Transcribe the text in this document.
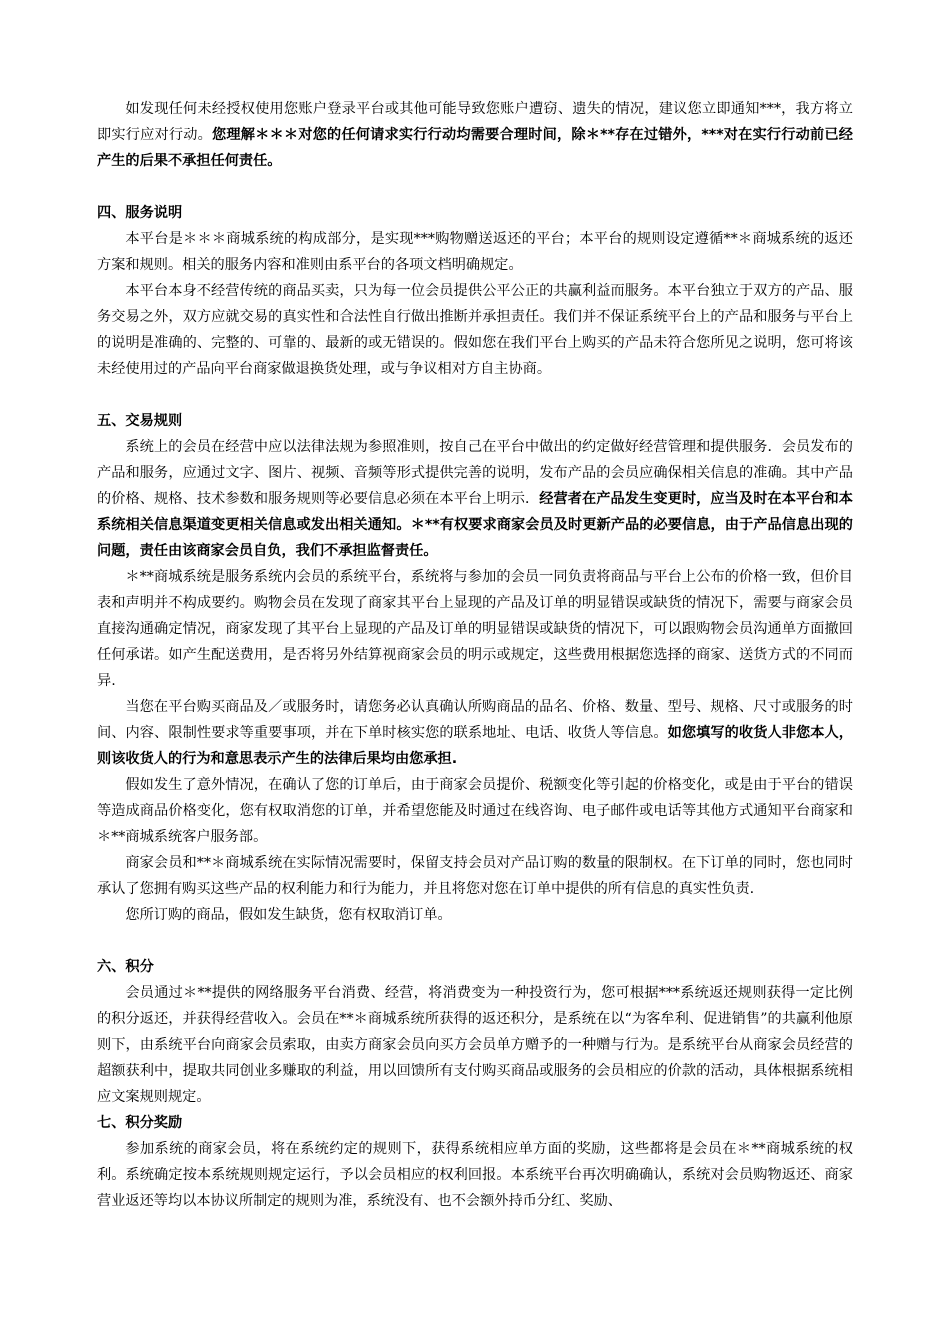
如发现任何未经授权使用您账户登录平台或其他可能导致您账户遭窃、遗失的情况，建议您立即通知***，我方将立即实行应对行动。您理解＊＊＊对您的任何请求实行行动均需要合理时间，除＊**存在过错外，***对在实行行动前已经产生的后果不承担任何责任。

四、服务说明

本平台是＊＊＊商城系统的构成部分，是实现***购物赠送返还的平台；本平台的规则设定遵循**＊商城系统的返还方案和规则。相关的服务内容和准则由系平台的各项文档明确规定。

本平台本身不经营传统的商品买卖，只为每一位会员提供公平公正的共赢利益而服务。本平台独立于双方的产品、服务交易之外，双方应就交易的真实性和合法性自行做出推断并承担责任。我们并不保证系统平台上的产品和服务与平台上的说明是准确的、完整的、可靠的、最新的或无错误的。假如您在我们平台上购买的产品未符合您所见之说明，您可将该未经使用过的产品向平台商家做退换货处理，或与争议相对方自主协商。

五、交易规则

系统上的会员在经营中应以法律法规为参照准则，按自己在平台中做出的约定做好经营管理和提供服务．会员发布的产品和服务，应通过文字、图片、视频、音频等形式提供完善的说明，发布产品的会员应确保相关信息的准确。其中产品的价格、规格、技术参数和服务规则等必要信息必须在本平台上明示．经营者在产品发生变更时，应当及时在本平台和本系统相关信息渠道变更相关信息或发出相关通知。＊**有权要求商家会员及时更新产品的必要信息，由于产品信息出现的问题，责任由该商家会员自负，我们不承担监督责任。

＊**商城系统是服务系统内会员的系统平台，系统将与参加的会员一同负责将商品与平台上公布的价格一致，但价目表和声明并不构成要约。购物会员在发现了商家其平台上显现的产品及订单的明显错误或缺货的情况下，需要与商家会员直接沟通确定情况，商家发现了其平台上显现的产品及订单的明显错误或缺货的情况下，可以跟购物会员沟通单方面撤回任何承诺。如产生配送费用，是否将另外结算视商家会员的明示或规定，这些费用根据您选择的商家、送货方式的不同而异.

当您在平台购买商品及／或服务时，请您务必认真确认所购商品的品名、价格、数量、型号、规格、尺寸或服务的时间、内容、限制性要求等重要事项，并在下单时核实您的联系地址、电话、收货人等信息。如您填写的收货人非您本人，则该收货人的行为和意思表示产生的法律后果均由您承担.

假如发生了意外情况，在确认了您的订单后，由于商家会员提价、税额变化等引起的价格变化，或是由于平台的错误等造成商品价格变化，您有权取消您的订单，并希望您能及时通过在线咨询、电子邮件或电话等其他方式通知平台商家和＊**商城系统客户服务部。

商家会员和**＊商城系统在实际情况需要时，保留支持会员对产品订购的数量的限制权。在下订单的同时，您也同时承认了您拥有购买这些产品的权利能力和行为能力，并且将您对您在订单中提供的所有信息的真实性负责.

您所订购的商品，假如发生缺货，您有权取消订单。

六、积分

会员通过＊**提供的网络服务平台消费、经营，将消费变为一种投资行为，您可根据***系统返还规则获得一定比例的积分返还，并获得经营收入。会员在**＊商城系统所获得的返还积分，是系统在以“为客牟利、促进销售”的共赢利他原则下，由系统平台向商家会员索取，由卖方商家会员向买方会员单方赠予的一种赠与行为。是系统平台从商家会员经营的超额获利中，提取共同创业多赚取的利益，用以回馈所有支付购买商品或服务的会员相应的价款的活动，具体根据系统相应文案规则规定。

七、积分奖励

参加系统的商家会员，将在系统约定的规则下，获得系统相应单方面的奖励，这些都将是会员在＊**商城系统的权利。系统确定按本系统规则规定运行，予以会员相应的权利回报。本系统平台再次明确确认，系统对会员购物返还、商家营业返还等均以本协议所制定的规则为准，系统没有、也不会额外持币分红、奖励、
